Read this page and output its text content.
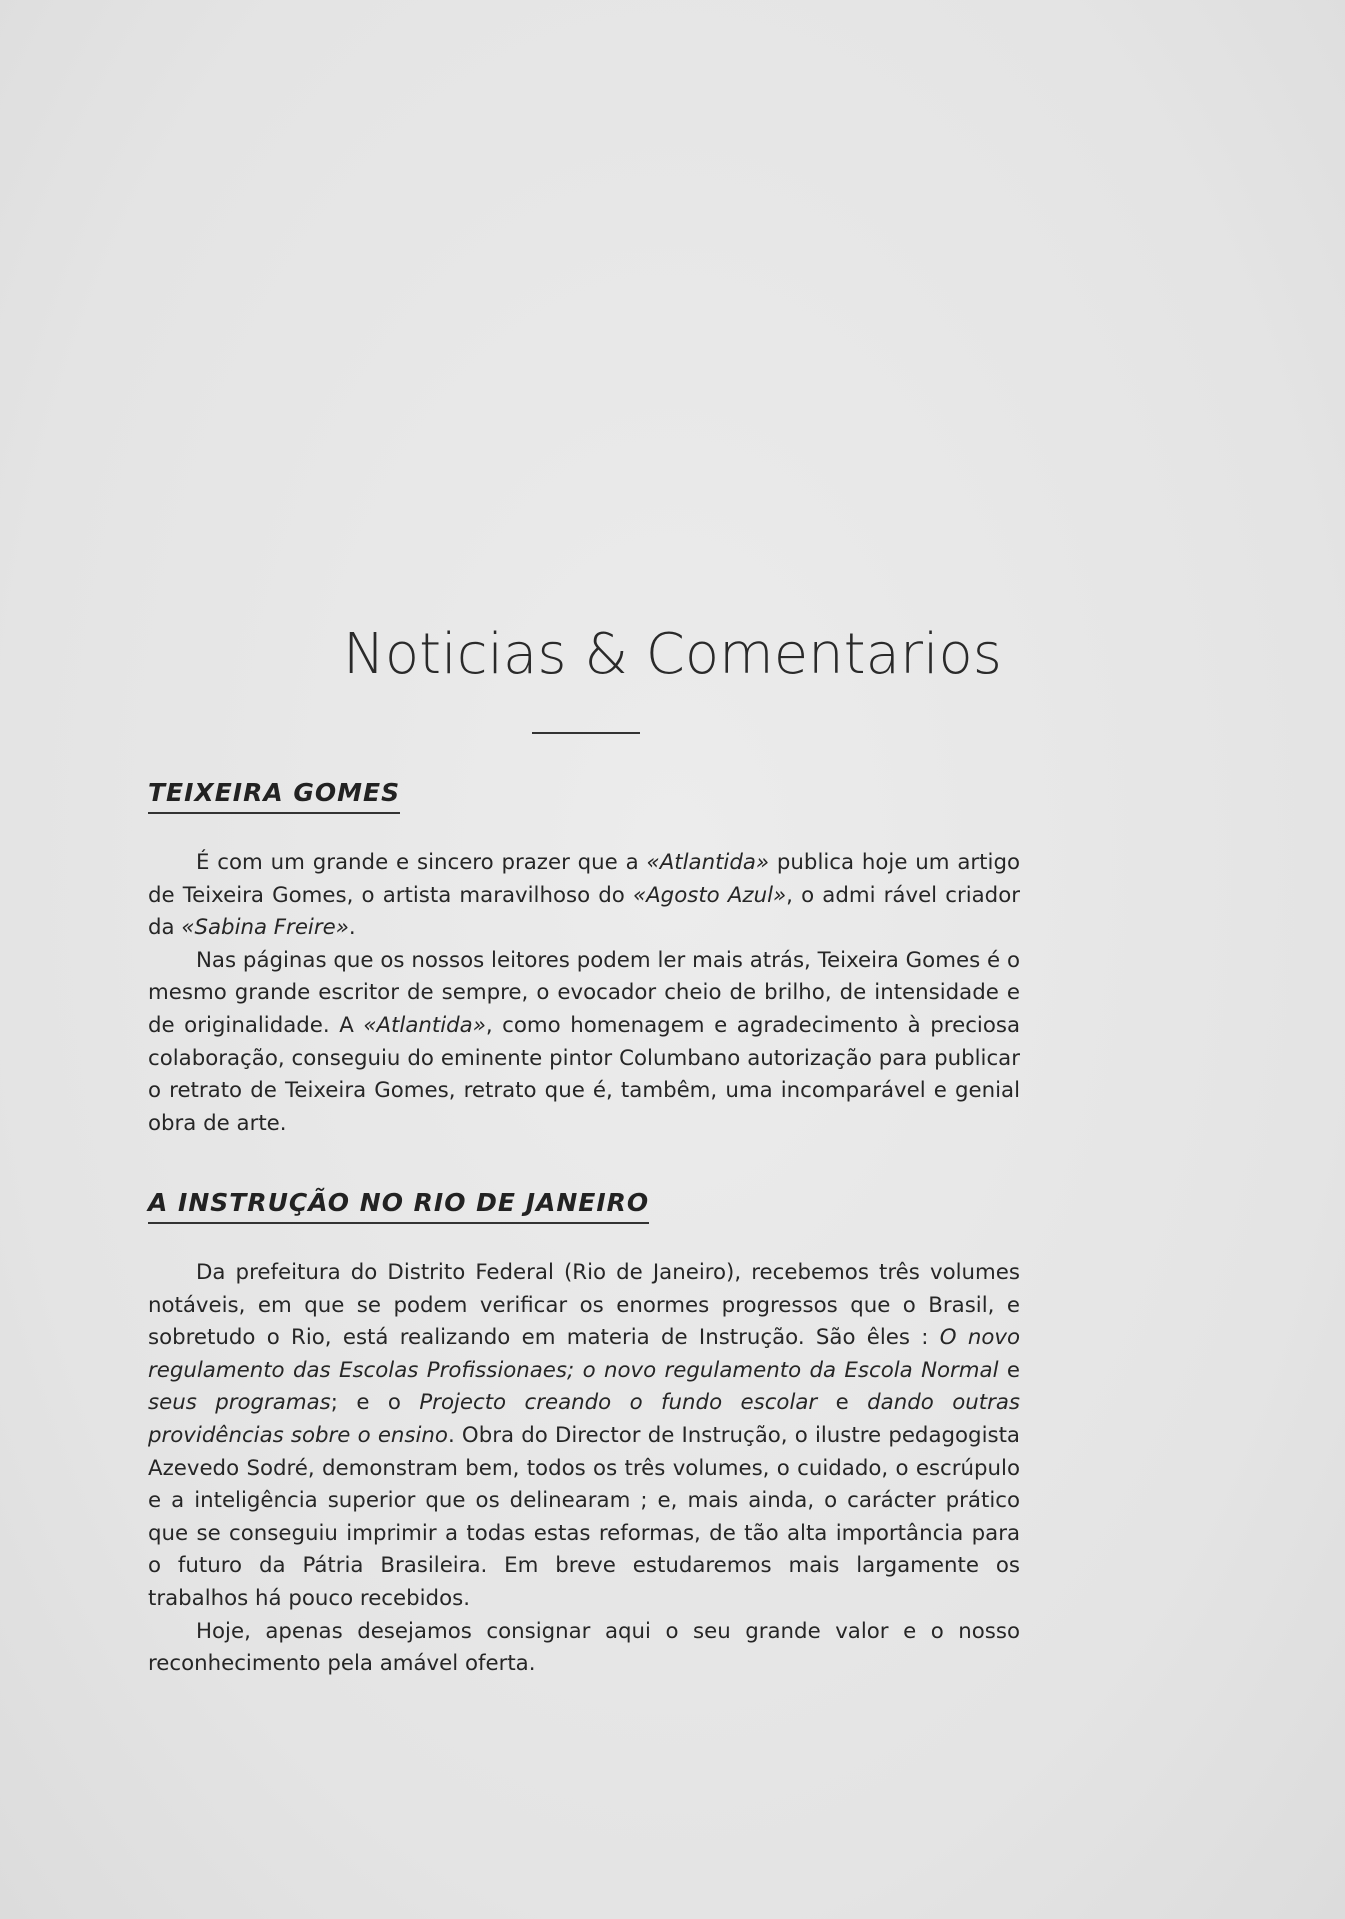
Noticias & Comentarios
TEIXEIRA GOMES

É com um grande e sincero prazer que a «Atlantida» publica hoje um artigo de Teixeira Gomes, o artista maravilhoso do «Agosto Azul», o admi rável criador da «Sabina Freire».

Nas páginas que os nossos leitores podem ler mais atrás, Teixeira Gomes é o mesmo grande escritor de sempre, o evocador cheio de brilho, de intensidade e de originalidade. A «Atlantida», como homenagem e agradecimento à preciosa colaboração, conseguiu do eminente pintor Columbano autorização para publicar o retrato de Teixeira Gomes, retrato que é, tambêm, uma incomparável e genial obra de arte.

A INSTRUÇÃO NO RIO DE JANEIRO

Da prefeitura do Distrito Federal (Rio de Janeiro), recebemos três volumes notáveis, em que se podem verificar os enormes progressos que o Brasil, e sobretudo o Rio, está realizando em materia de Instrução. São êles : O novo regulamento das Escolas Profissionaes; o novo regulamento da Escola Normal e seus programas; e o Projecto creando o fundo escolar e dando outras providências sobre o ensino. Obra do Director de Instrução, o ilustre pedagogista Azevedo Sodré, demonstram bem, todos os três volumes, o cuidado, o escrúpulo e a inteligência superior que os delinearam ; e, mais ainda, o carácter prático que se conseguiu imprimir a todas estas reformas, de tão alta importância para o futuro da Pátria Brasileira. Em breve estudaremos mais largamente os trabalhos há pouco recebidos.

Hoje, apenas desejamos consignar aqui o seu grande valor e o nosso reconhecimento pela amável oferta.
